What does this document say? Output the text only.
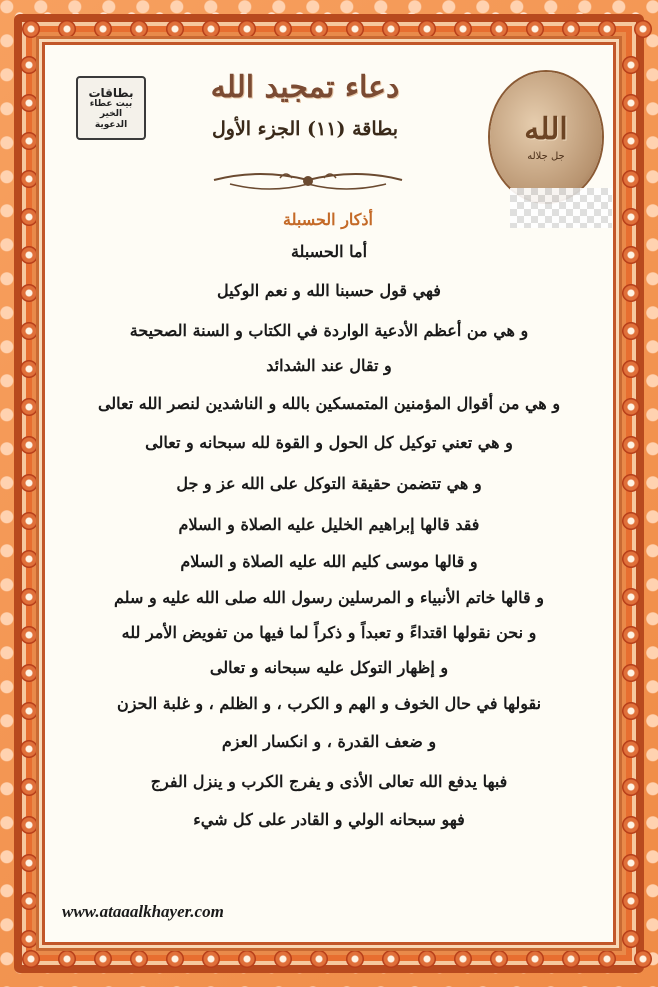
بطاقات
بيت عطاء الخير
الدعوية
دعاء تمجيد الله
بطاقة (١١) الجزء الأول	الله
جل جلاله
أذكار الحسبلة
أما الحسبلة
فهي قول حسبنا الله و نعم الوكيل
و هي من أعظم الأدعية الواردة في الكتاب و السنة الصحيحة
و تقال عند الشدائد
و هي من أقوال المؤمنين المتمسكين بالله و الناشدين لنصر الله تعالى
و هي تعني توكيل كل الحول و القوة لله سبحانه و تعالى
و هي تتضمن حقيقة التوكل على الله عز و جل
فقد قالها إبراهيم الخليل عليه الصلاة و السلام
و قالها موسى كليم الله عليه الصلاة و السلام
و قالها خاتم الأنبياء و المرسلين رسول الله صلى الله عليه و سلم
و نحن نقولها اقتداءً و تعبداً و ذكراً لما فيها من تفويض الأمر لله
و إظهار التوكل عليه سبحانه و تعالى
نقولها في حال الخوف و الهم و الكرب ، و الظلم ، و غلبة الحزن
و ضعف القدرة ، و انكسار العزم
فبها يدفع الله تعالى الأذى و يفرج الكرب و ينزل الفرج
فهو سبحانه الولي و القادر على كل شيء
www.ataaalkhayer.com
